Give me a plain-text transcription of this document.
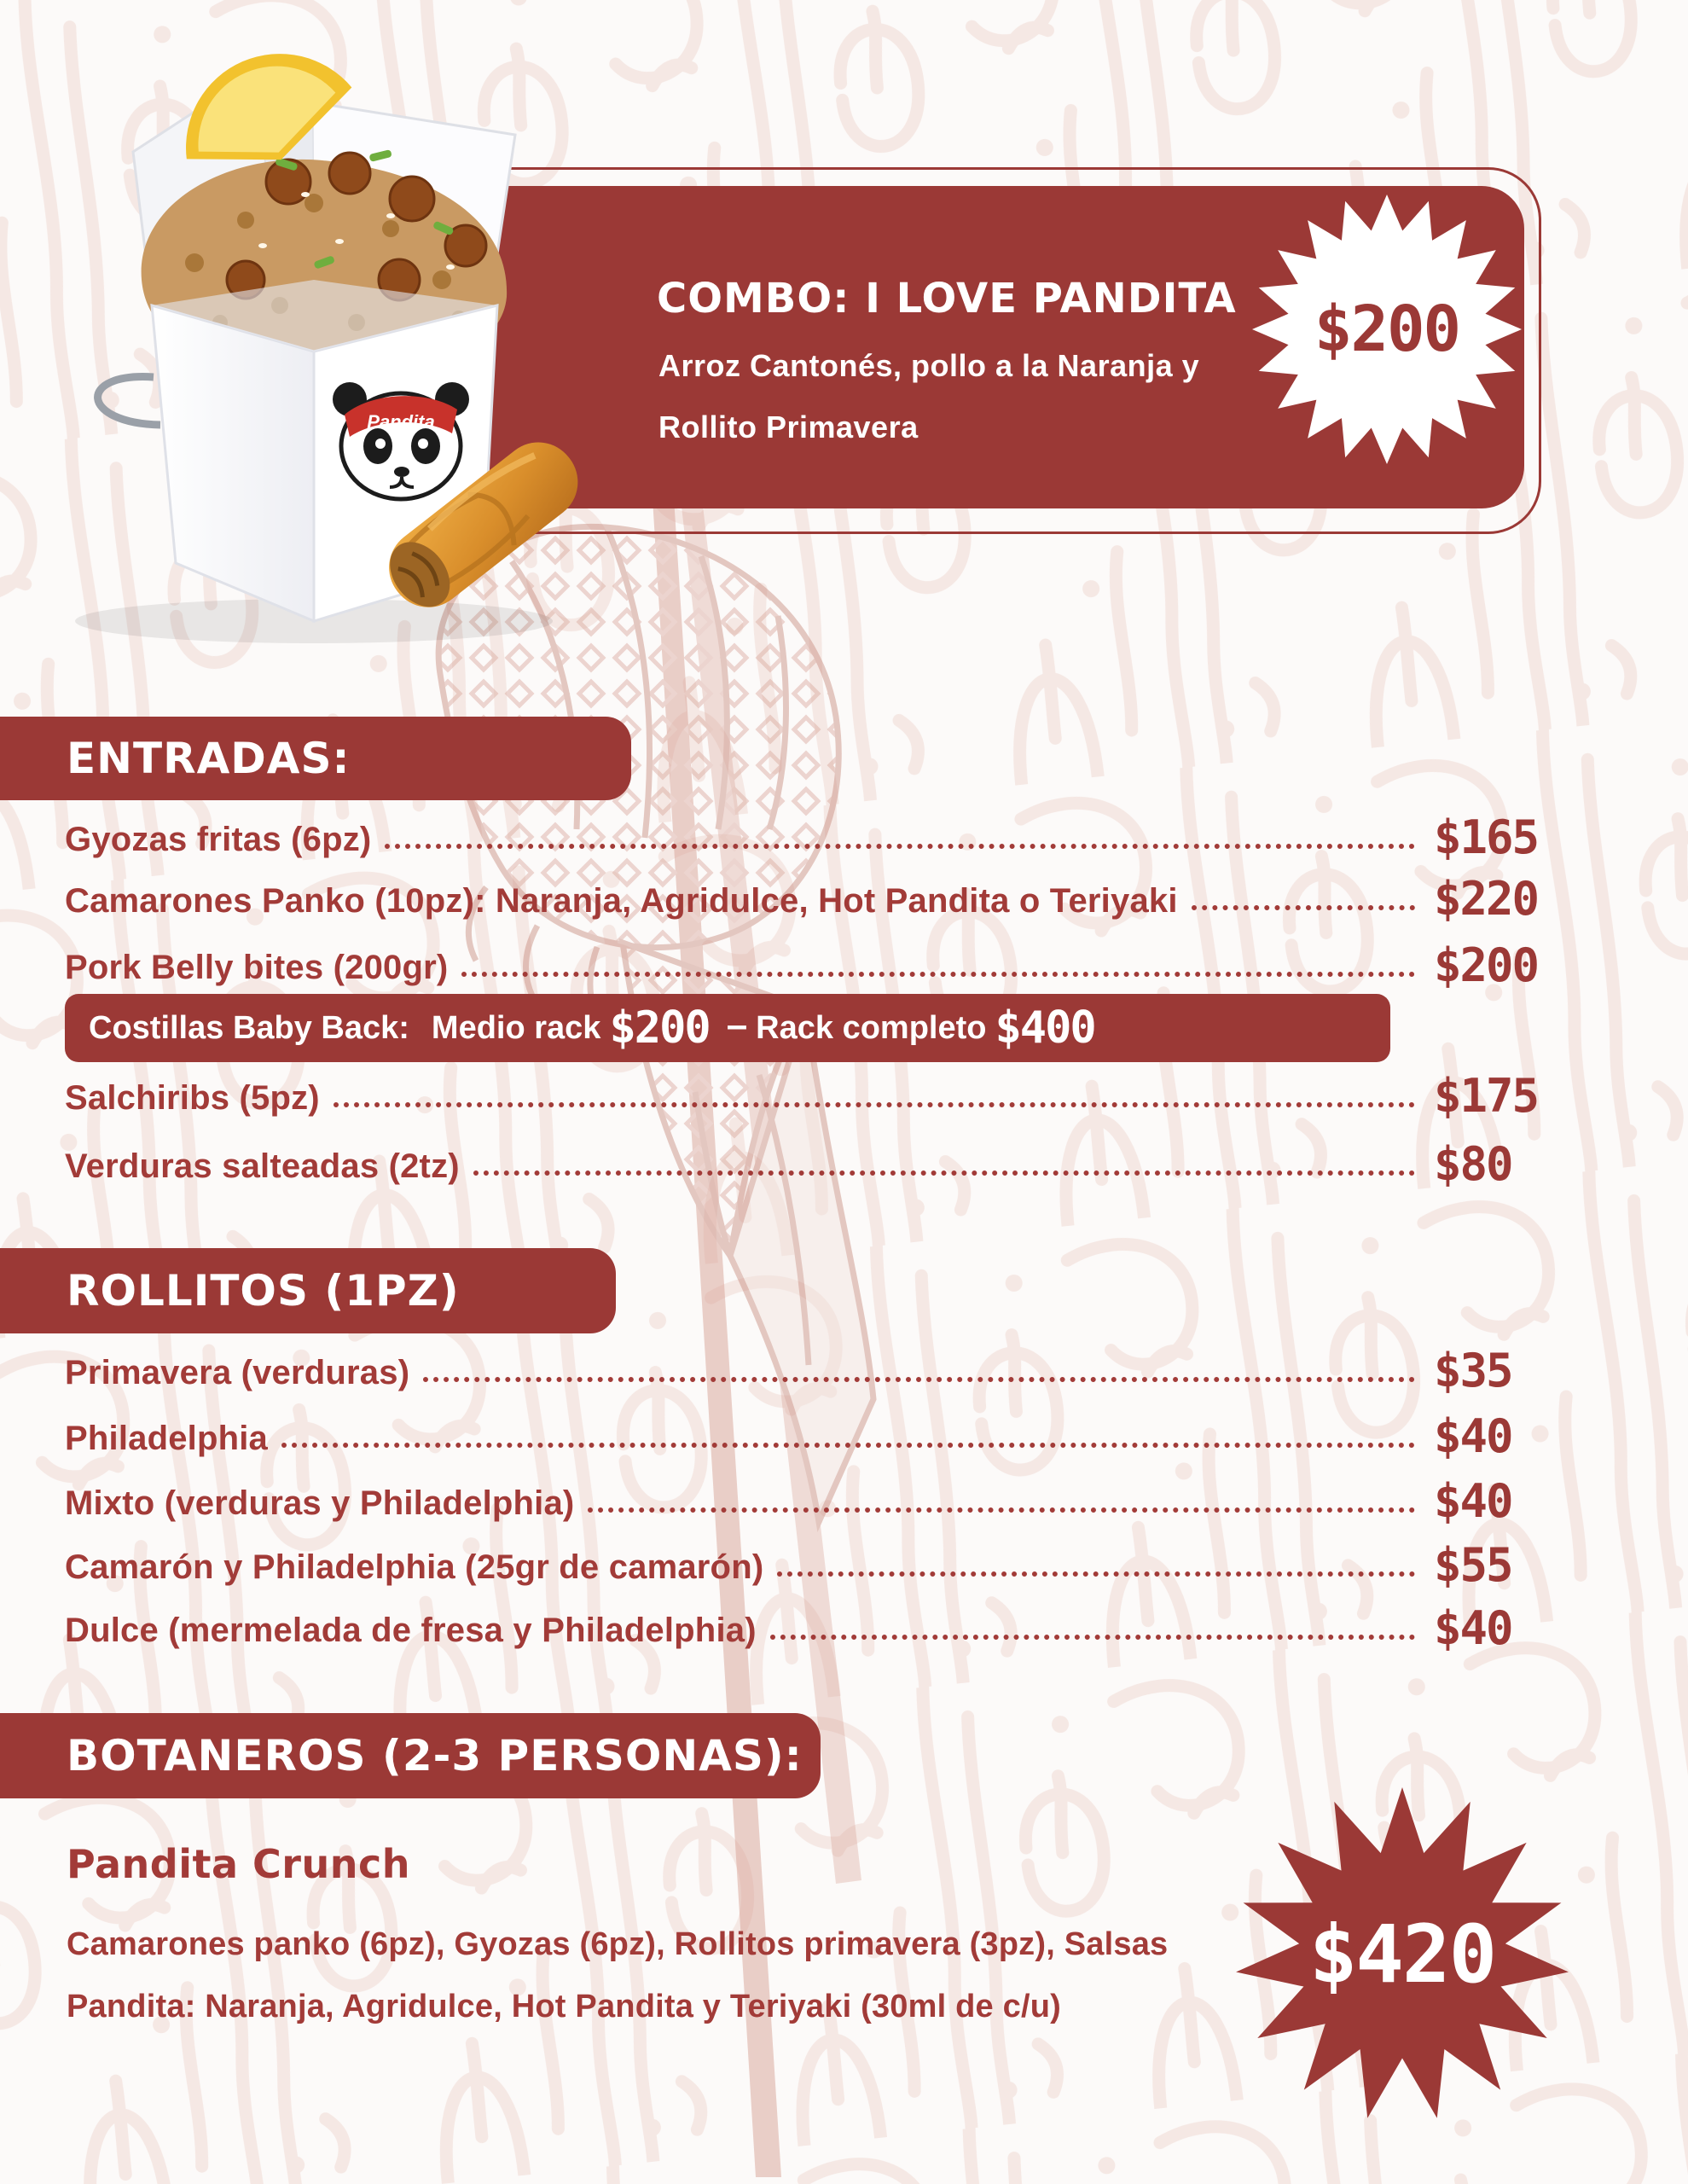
COMBO: I LOVE PANDITA
Arroz Cantonés, pollo a la Naranja y
Rollito Primavera
$200
Pandita
ENTRADAS:
Gyozas fritas (6pz)	$165
Camarones Panko (10pz): Naranja, Agridulce, Hot Pandita o Teriyaki	$220
Pork Belly bites (200gr)	$200
Costillas Baby Back: Medio rack $200 – Rack completo $400
Salchiribs (5pz)	$175
Verduras salteadas (2tz)	$80
ROLLITOS (1PZ)
Primavera (verduras)	$35
Philadelphia	$40
Mixto (verduras y Philadelphia)	$40
Camarón y Philadelphia (25gr de camarón)	$55
Dulce (mermelada de fresa y Philadelphia)	$40
BOTANEROS (2-3 PERSONAS):
Pandita Crunch
Camarones panko (6pz), Gyozas (6pz), Rollitos primavera (3pz), Salsas
Pandita: Naranja, Agridulce, Hot Pandita y Teriyaki (30ml de c/u)
$420
